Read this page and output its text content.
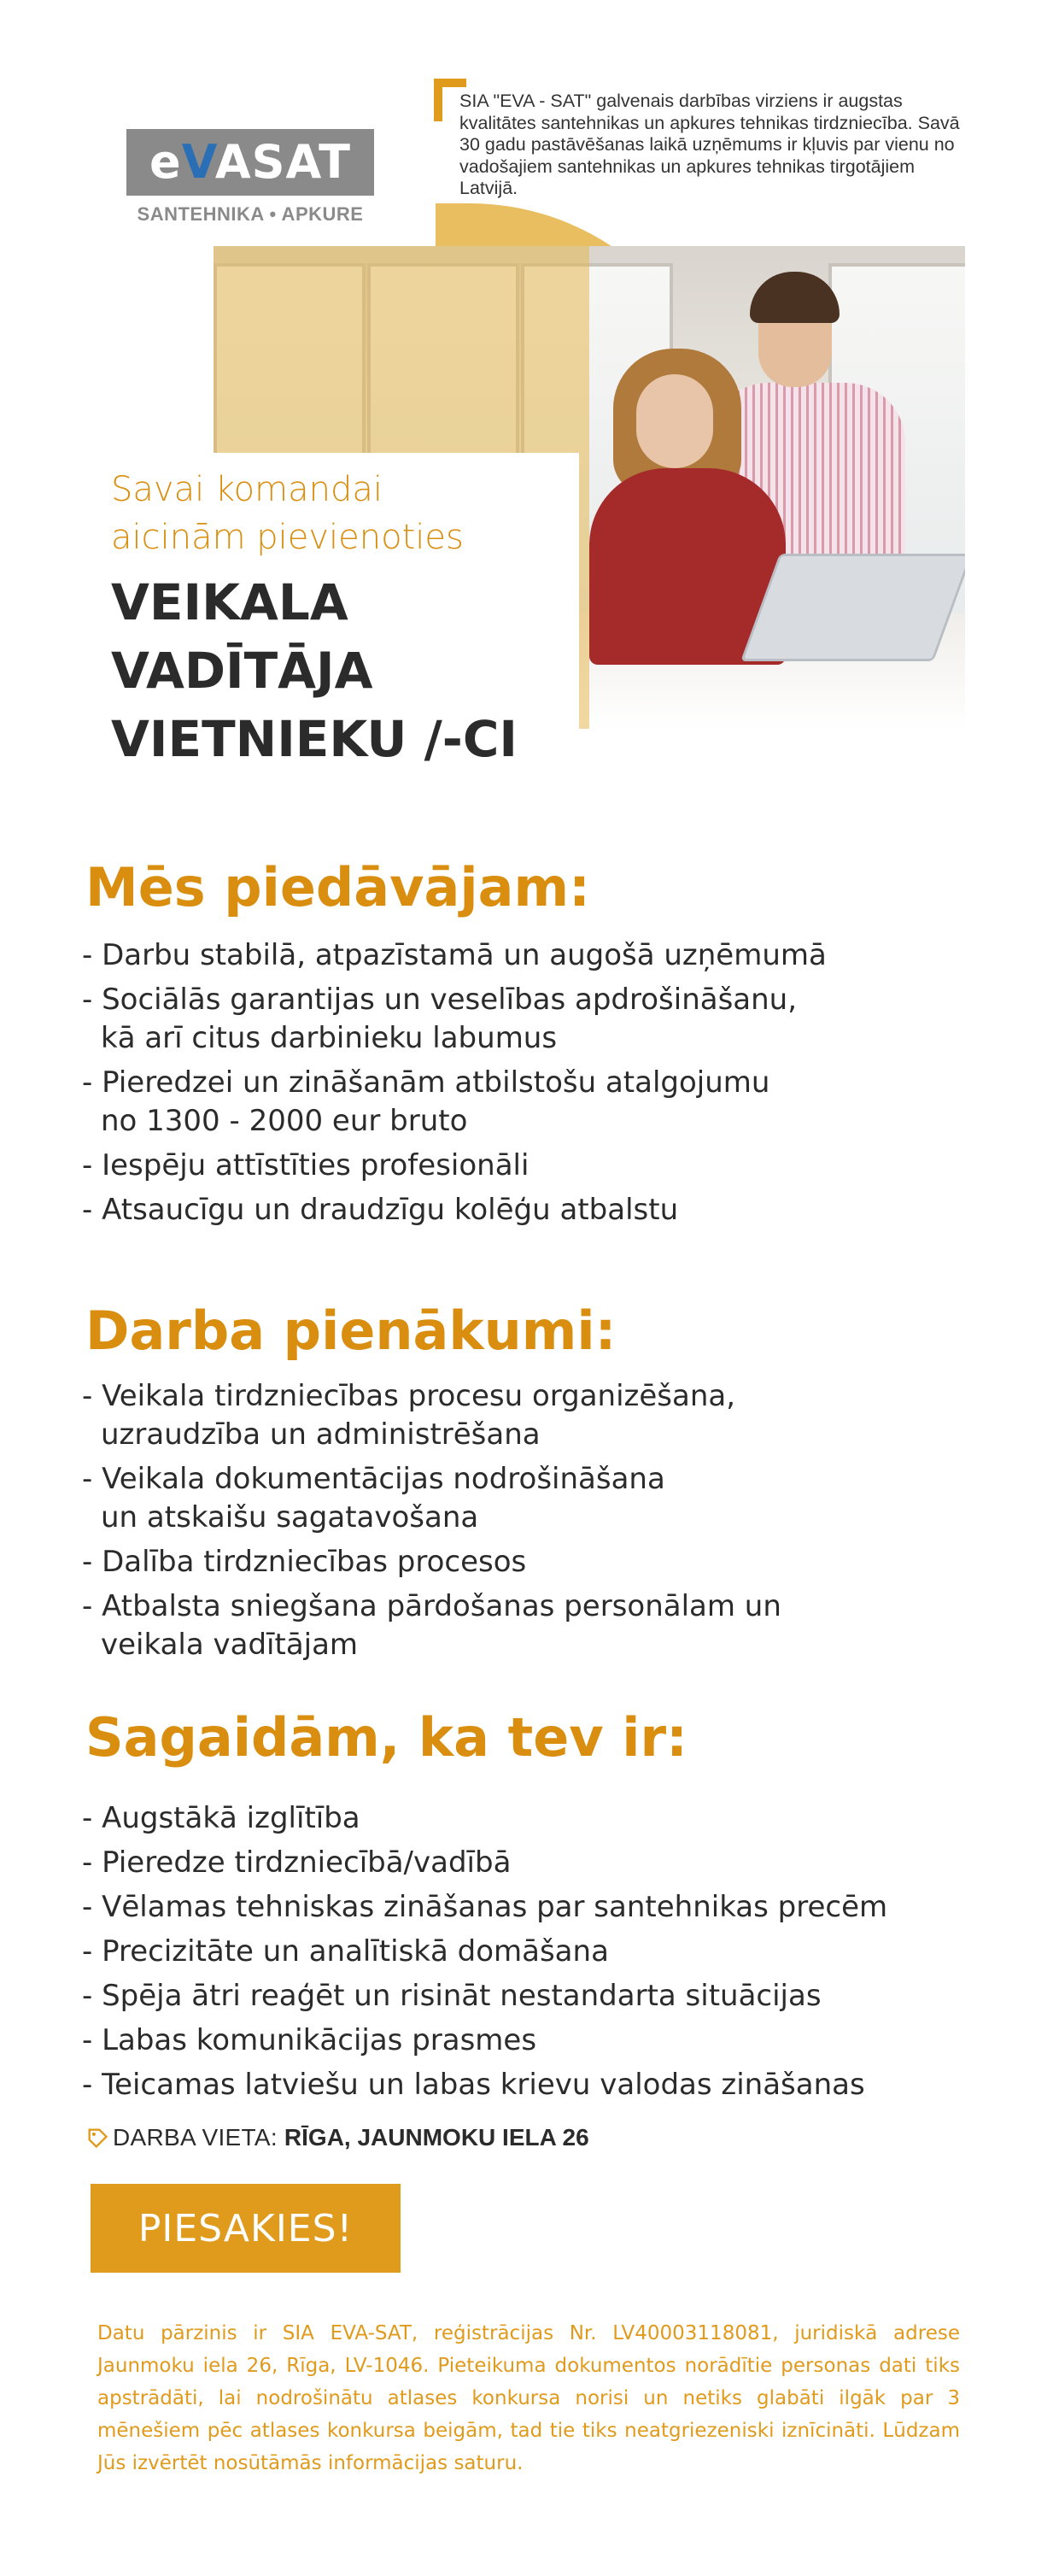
eVASAT
SANTEHNIKA • APKURE
SIA "EVA - SAT" galvenais darbības virziens ir augstas kvalitātes santehnikas un apkures tehnikas tirdzniecība. Savā 30 gadu pastāvēšanas laikā uzņēmums ir kļuvis par vienu no vadošajiem santehnikas un apkures tehnikas tirgotājiem Latvijā.
Savai komandai
aicinām pievienoties
VEIKALA
VADĪTĀJA
VIETNIEKU /-CI
Mēs piedāvājam:
- Darbu stabilā, atpazīstamā un augošā uzņēmumā
- Sociālās garantijas un veselības apdrošināšanu,
kā arī citus darbinieku labumus
- Pieredzei un zināšanām atbilstošu atalgojumu
no 1300 - 2000 eur bruto
- Iespēju attīstīties profesionāli
- Atsaucīgu un draudzīgu kolēģu atbalstu
Darba pienākumi:
- Veikala tirdzniecības procesu organizēšana,
uzraudzība un administrēšana
- Veikala dokumentācijas nodrošināšana
un atskaišu sagatavošana
- Dalība tirdzniecības procesos
- Atbalsta sniegšana pārdošanas personālam un
veikala vadītājam
Sagaidām, ka tev ir:
- Augstākā izglītība
- Pieredze tirdzniecībā/vadībā
- Vēlamas tehniskas zināšanas par santehnikas precēm
- Precizitāte un analītiskā domāšana
- Spēja ātri reaģēt un risināt nestandarta situācijas
- Labas komunikācijas prasmes
- Teicamas latviešu un labas krievu valodas zināšanas
DARBA VIETA: RĪGA, JAUNMOKU IELA 26
PIESAKIES!
Datu pārzinis ir SIA EVA-SAT, reģistrācijas Nr. LV40003118081, juridiskā adrese Jaunmoku iela 26, Rīga, LV-1046. Pieteikuma dokumentos norādītie personas dati tiks apstrādāti, lai nodrošinātu atlases konkursa norisi un netiks glabāti ilgāk par 3 mēnešiem pēc atlases konkursa beigām, tad tie tiks neatgriezeniski iznīcināti. Lūdzam Jūs izvērtēt nosūtāmās informācijas saturu.
